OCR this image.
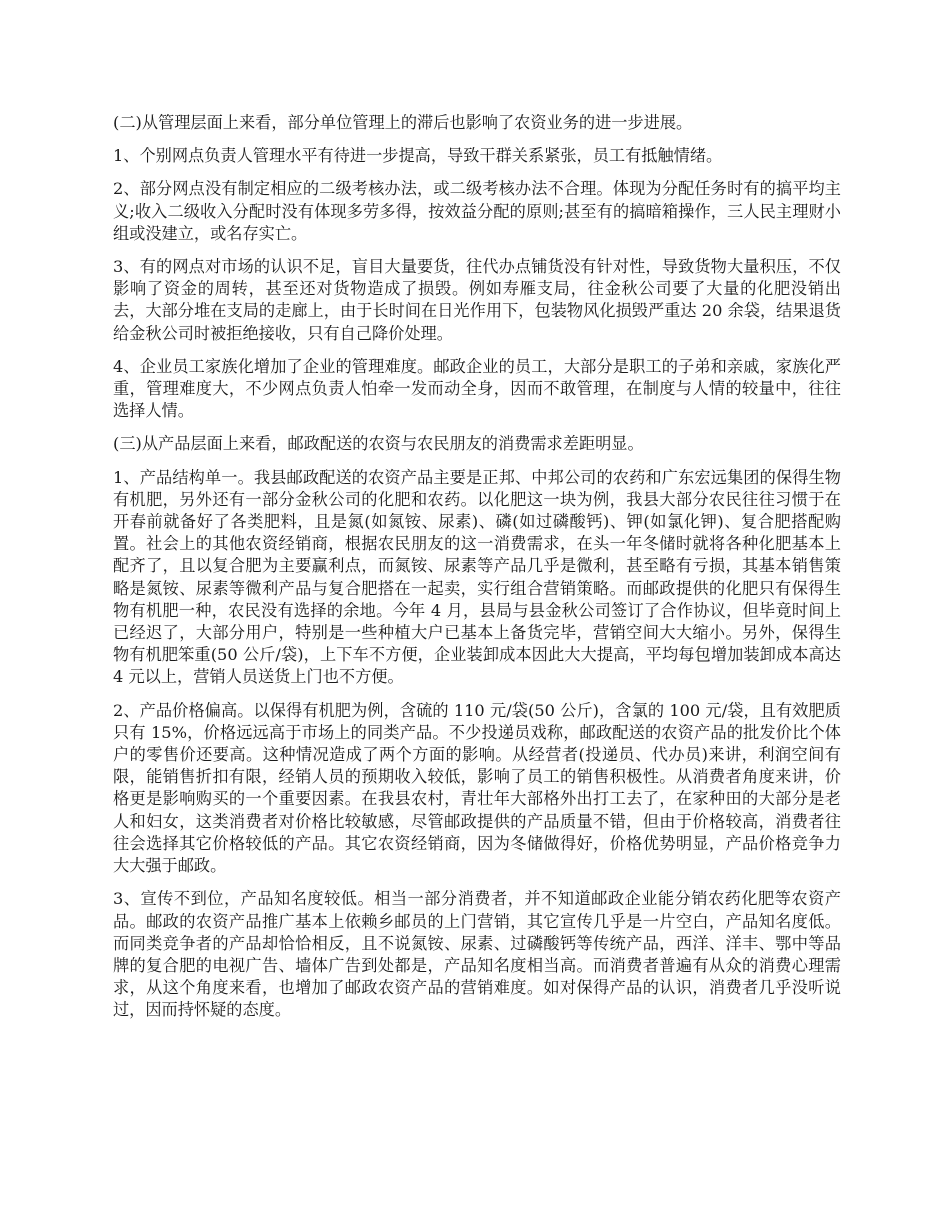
(二)从管理层面上来看，部分单位管理上的滞后也影响了农资业务的进一步进展。

1、个别网点负责人管理水平有待进一步提高，导致干群关系紧张，员工有抵触情绪。

2、部分网点没有制定相应的二级考核办法，或二级考核办法不合理。体现为分配任务时有的搞平均主义;收入二级收入分配时没有体现多劳多得，按效益分配的原则;甚至有的搞暗箱操作，三人民主理财小组或没建立，或名存实亡。

3、有的网点对市场的认识不足，盲目大量要货，往代办点铺货没有针对性，导致货物大量积压，不仅影响了资金的周转，甚至还对货物造成了损毁。例如寿雁支局，往金秋公司要了大量的化肥没销出去，大部分堆在支局的走廊上，由于长时间在日光作用下，包装物风化损毁严重达 20 余袋，结果退货给金秋公司时被拒绝接收，只有自己降价处理。

4、企业员工家族化增加了企业的管理难度。邮政企业的员工，大部分是职工的子弟和亲戚，家族化严重，管理难度大，不少网点负责人怕牵一发而动全身，因而不敢管理，在制度与人情的较量中，往往选择人情。

(三)从产品层面上来看，邮政配送的农资与农民朋友的消费需求差距明显。

1、产品结构单一。我县邮政配送的农资产品主要是正邦、中邦公司的农药和广东宏远集团的保得生物有机肥，另外还有一部分金秋公司的化肥和农药。以化肥这一块为例，我县大部分农民往往习惯于在开春前就备好了各类肥料，且是氮(如氮铵、尿素)、磷(如过磷酸钙)、钾(如氯化钾)、复合肥搭配购置。社会上的其他农资经销商，根据农民朋友的这一消费需求，在头一年冬储时就将各种化肥基本上配齐了，且以复合肥为主要赢利点，而氮铵、尿素等产品几乎是微利，甚至略有亏损，其基本销售策略是氮铵、尿素等微利产品与复合肥搭在一起卖，实行组合营销策略。而邮政提供的化肥只有保得生物有机肥一种，农民没有选择的余地。今年 4 月，县局与县金秋公司签订了合作协议，但毕竟时间上已经迟了，大部分用户，特别是一些种植大户已基本上备货完毕，营销空间大大缩小。另外，保得生物有机肥笨重(50 公斤/袋)，上下车不方便，企业装卸成本因此大大提高，平均每包增加装卸成本高达 4 元以上，营销人员送货上门也不方便。

2、产品价格偏高。以保得有机肥为例，含硫的 110 元/袋(50 公斤)，含氯的 100 元/袋，且有效肥质只有 15%，价格远远高于市场上的同类产品。不少投递员戏称，邮政配送的农资产品的批发价比个体户的零售价还要高。这种情况造成了两个方面的影响。从经营者(投递员、代办员)来讲，利润空间有限，能销售折扣有限，经销人员的预期收入较低，影响了员工的销售积极性。从消费者角度来讲，价格更是影响购买的一个重要因素。在我县农村，青壮年大部格外出打工去了，在家种田的大部分是老人和妇女，这类消费者对价格比较敏感，尽管邮政提供的产品质量不错，但由于价格较高，消费者往往会选择其它价格较低的产品。其它农资经销商，因为冬储做得好，价格优势明显，产品价格竞争力大大强于邮政。

3、宣传不到位，产品知名度较低。相当一部分消费者，并不知道邮政企业能分销农药化肥等农资产品。邮政的农资产品推广基本上依赖乡邮员的上门营销，其它宣传几乎是一片空白，产品知名度低。而同类竞争者的产品却恰恰相反，且不说氮铵、尿素、过磷酸钙等传统产品，西洋、洋丰、鄂中等品牌的复合肥的电视广告、墙体广告到处都是，产品知名度相当高。而消费者普遍有从众的消费心理需求，从这个角度来看，也增加了邮政农资产品的营销难度。如对保得产品的认识，消费者几乎没听说过，因而持怀疑的态度。
